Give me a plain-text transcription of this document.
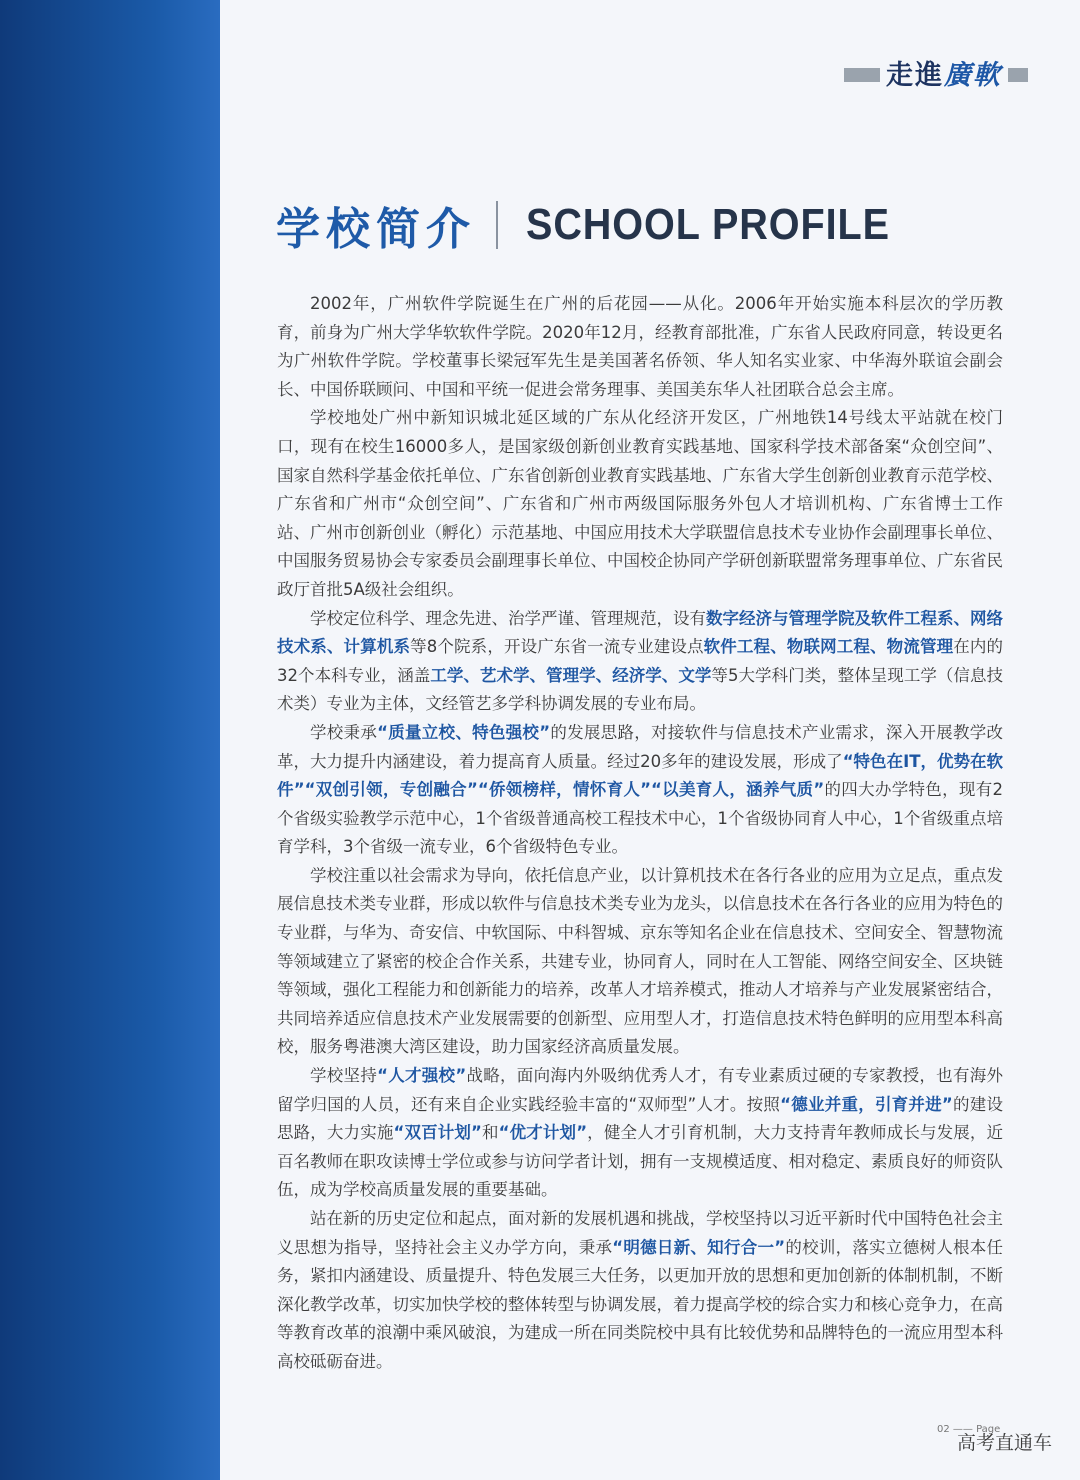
走進廣軟
学校简介 SCHOOL PROFILE

2002年，广州软件学院诞生在广州的后花园——从化。2006年开始实施本科层次的学历教育，前身为广州大学华软软件学院。2020年12月，经教育部批准，广东省人民政府同意，转设更名为广州软件学院。学校董事长梁冠军先生是美国著名侨领、华人知名实业家、中华海外联谊会副会长、中国侨联顾问、中国和平统一促进会常务理事、美国美东华人社团联合总会主席。

学校地处广州中新知识城北延区域的广东从化经济开发区，广州地铁14号线太平站就在校门口，现有在校生16000多人，是国家级创新创业教育实践基地、国家科学技术部备案“众创空间”、国家自然科学基金依托单位、广东省创新创业教育实践基地、广东省大学生创新创业教育示范学校、广东省和广州市“众创空间”、广东省和广州市两级国际服务外包人才培训机构、广东省博士工作站、广州市创新创业（孵化）示范基地、中国应用技术大学联盟信息技术专业协作会副理事长单位、中国服务贸易协会专家委员会副理事长单位、中国校企协同产学研创新联盟常务理事单位、广东省民政厅首批5A级社会组织。

学校定位科学、理念先进、治学严谨、管理规范，设有数字经济与管理学院及软件工程系、网络技术系、计算机系等8个院系，开设广东省一流专业建设点软件工程、物联网工程、物流管理在内的32个本科专业，涵盖工学、艺术学、管理学、经济学、文学等5大学科门类，整体呈现工学（信息技术类）专业为主体，文经管艺多学科协调发展的专业布局。

学校秉承“质量立校、特色强校”的发展思路，对接软件与信息技术产业需求，深入开展教学改革，大力提升内涵建设，着力提高育人质量。经过20多年的建设发展，形成了“特色在IT，优势在软件”“双创引领，专创融合”“侨领榜样，情怀育人”“以美育人，涵养气质”的四大办学特色，现有2个省级实验教学示范中心，1个省级普通高校工程技术中心，1个省级协同育人中心，1个省级重点培育学科，3个省级一流专业，6个省级特色专业。

学校注重以社会需求为导向，依托信息产业，以计算机技术在各行各业的应用为立足点，重点发展信息技术类专业群，形成以软件与信息技术类专业为龙头，以信息技术在各行各业的应用为特色的专业群，与华为、奇安信、中软国际、中科智城、京东等知名企业在信息技术、空间安全、智慧物流等领域建立了紧密的校企合作关系，共建专业，协同育人，同时在人工智能、网络空间安全、区块链等领域，强化工程能力和创新能力的培养，改革人才培养模式，推动人才培养与产业发展紧密结合，共同培养适应信息技术产业发展需要的创新型、应用型人才，打造信息技术特色鲜明的应用型本科高校，服务粤港澳大湾区建设，助力国家经济高质量发展。

学校坚持“人才强校”战略，面向海内外吸纳优秀人才，有专业素质过硬的专家教授，也有海外留学归国的人员，还有来自企业实践经验丰富的“双师型”人才。按照“德业并重，引育并进”的建设思路，大力实施“双百计划”和“优才计划”，健全人才引育机制，大力支持青年教师成长与发展，近百名教师在职攻读博士学位或参与访问学者计划，拥有一支规模适度、相对稳定、素质良好的师资队伍，成为学校高质量发展的重要基础。

站在新的历史定位和起点，面对新的发展机遇和挑战，学校坚持以习近平新时代中国特色社会主义思想为指导，坚持社会主义办学方向，秉承“明德日新、知行合一”的校训，落实立德树人根本任务，紧扣内涵建设、质量提升、特色发展三大任务，以更加开放的思想和更加创新的体制机制，不断深化教学改革，切实加快学校的整体转型与协调发展，着力提高学校的综合实力和核心竞争力，在高等教育改革的浪潮中乘风破浪，为建成一所在同类院校中具有比较优势和品牌特色的一流应用型本科高校砥砺奋进。

02 —— Page
高考直通车
